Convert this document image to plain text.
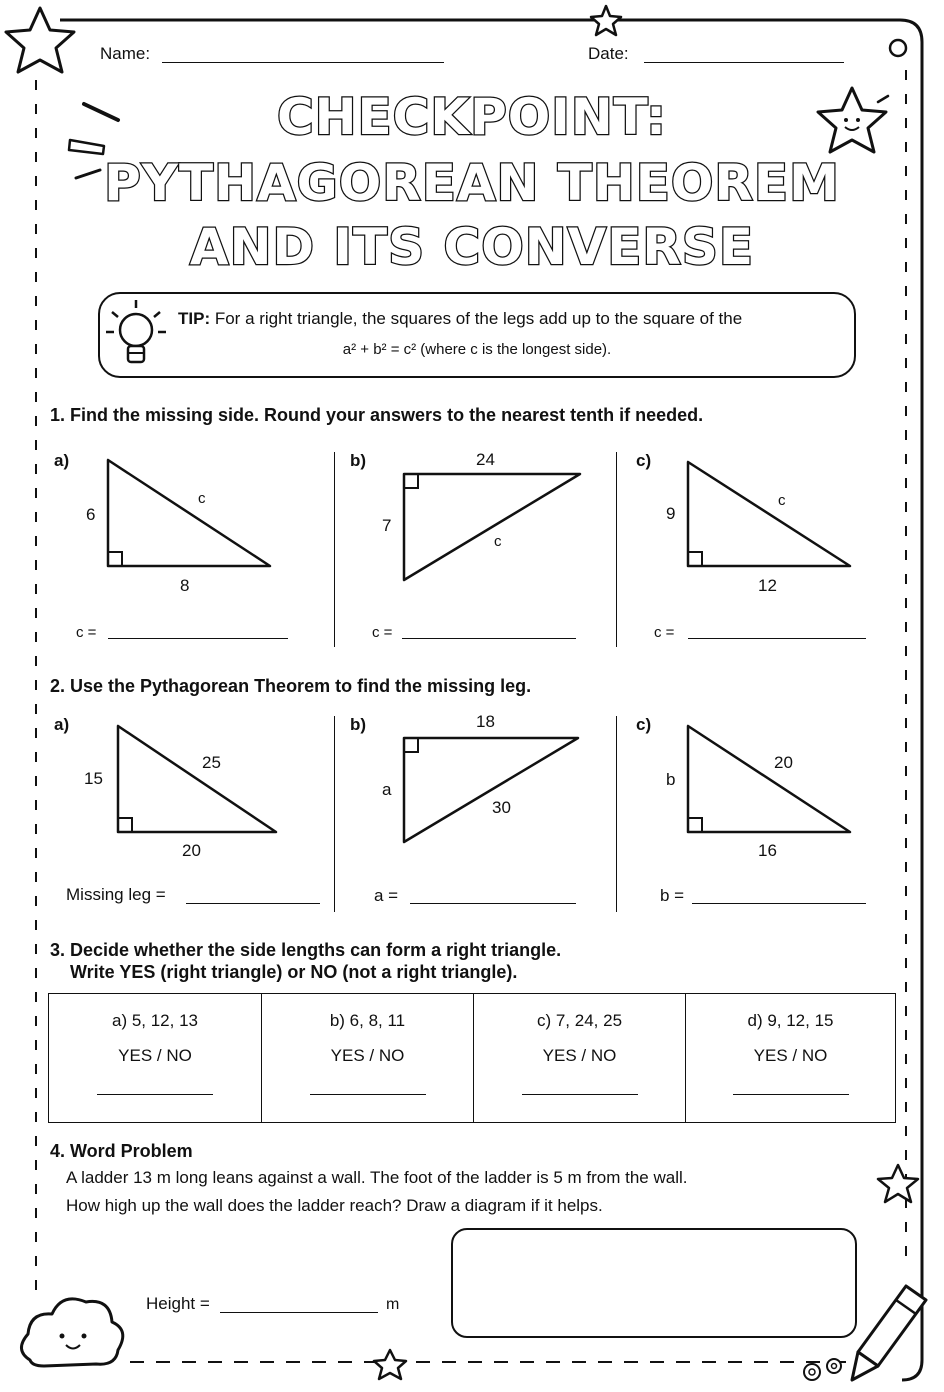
Name:	Date:
CHECKPOINT:
PYTHAGOREAN THEOREM
AND ITS CONVERSE
TIP: For a right triangle, the squares of the legs add up to the square of the
a² + b² = c² (where c is the longest side).
1. Find the missing side. Round your answers to the nearest tenth if needed.
a)
6
c
8
c =
b)	24
7
c
c =
c)
9
c
12
c =
2. Use the Pythagorean Theorem to find the missing leg.
a)
15
25
20
Missing leg =
b)	18
a
30
a =
c)
b
20
16
b =
3. Decide whether the side lengths can form a right triangle.
Write YES (right triangle) or NO (not a right triangle).
a) 5, 12, 13
YES / NO
b) 6, 8, 11
YES / NO
c) 7, 24, 25
YES / NO
d) 9, 12, 15
YES / NO
4. Word Problem
A ladder 13 m long leans against a wall. The foot of the ladder is 5 m from the wall.
How high up the wall does the ladder reach? Draw a diagram if it helps.
Height =	m
